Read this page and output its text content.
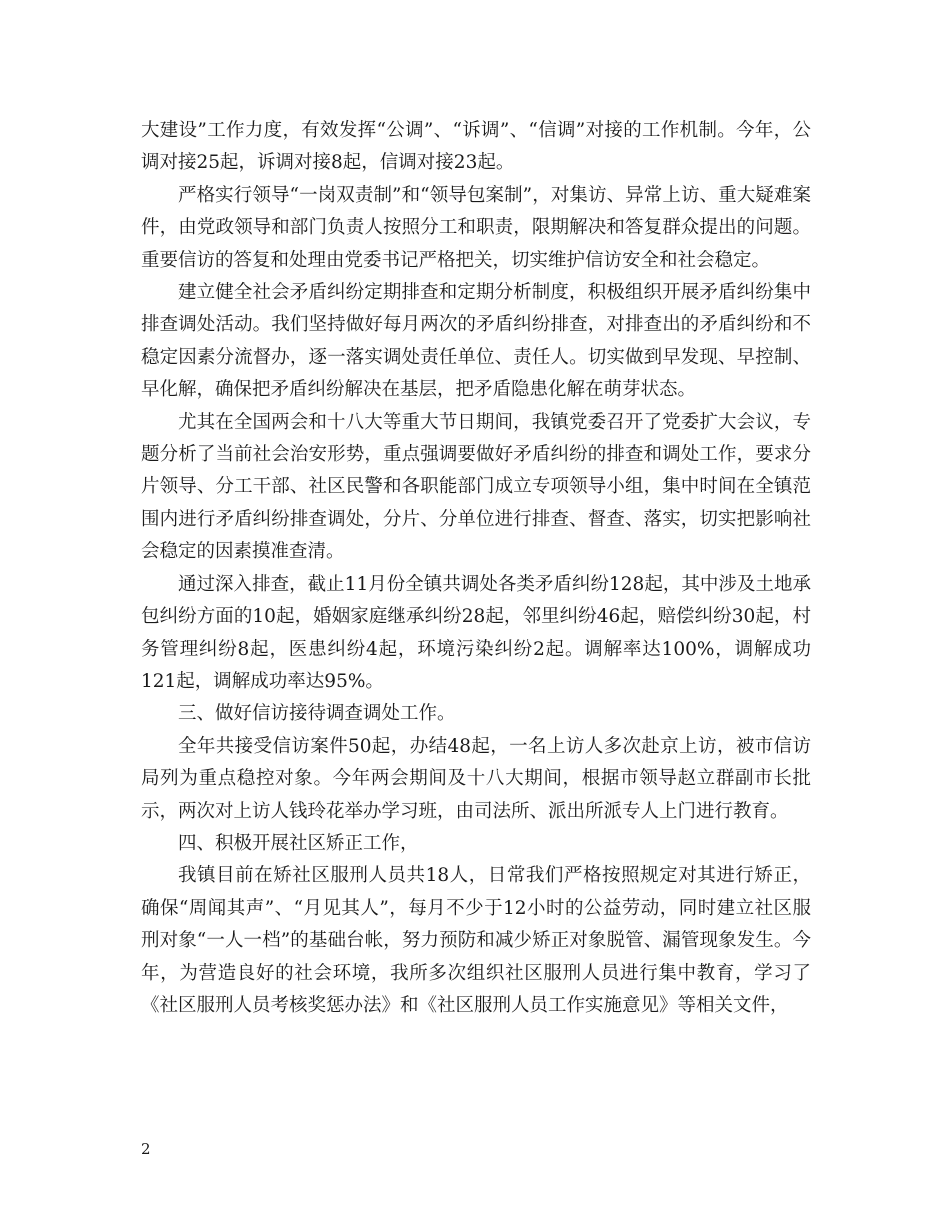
大建设”工作力度，有效发挥“公调”、“诉调”、“信调”对接的工作机制。今年，公调对接25起，诉调对接8起，信调对接23起。

严格实行领导“一岗双责制”和“领导包案制”，对集访、异常上访、重大疑难案件，由党政领导和部门负责人按照分工和职责，限期解决和答复群众提出的问题。重要信访的答复和处理由党委书记严格把关，切实维护信访安全和社会稳定。

建立健全社会矛盾纠纷定期排查和定期分析制度，积极组织开展矛盾纠纷集中排查调处活动。我们坚持做好每月两次的矛盾纠纷排查，对排查出的矛盾纠纷和不稳定因素分流督办，逐一落实调处责任单位、责任人。切实做到早发现、早控制、早化解，确保把矛盾纠纷解决在基层，把矛盾隐患化解在萌芽状态。

尤其在全国两会和十八大等重大节日期间，我镇党委召开了党委扩大会议，专题分析了当前社会治安形势，重点强调要做好矛盾纠纷的排查和调处工作，要求分片领导、分工干部、社区民警和各职能部门成立专项领导小组，集中时间在全镇范围内进行矛盾纠纷排查调处，分片、分单位进行排查、督查、落实，切实把影响社会稳定的因素摸准查清。

通过深入排查，截止11月份全镇共调处各类矛盾纠纷128起，其中涉及土地承包纠纷方面的10起，婚姻家庭继承纠纷28起，邻里纠纷46起，赔偿纠纷30起，村务管理纠纷8起，医患纠纷4起，环境污染纠纷2起。调解率达100%，调解成功121起，调解成功率达95%。

三、做好信访接待调查调处工作。

全年共接受信访案件50起，办结48起，一名上访人多次赴京上访，被市信访局列为重点稳控对象。今年两会期间及十八大期间，根据市领导赵立群副市长批示，两次对上访人钱玲花举办学习班，由司法所、派出所派专人上门进行教育。

四、积极开展社区矫正工作，

我镇目前在矫社区服刑人员共18人，日常我们严格按照规定对其进行矫正，确保“周闻其声”、“月见其人”，每月不少于12小时的公益劳动，同时建立社区服刑对象“一人一档”的基础台帐，努力预防和减少矫正对象脱管、漏管现象发生。今年，为营造良好的社会环境，我所多次组织社区服刑人员进行集中教育，学习了《社区服刑人员考核奖惩办法》和《社区服刑人员工作实施意见》等相关文件，

2
